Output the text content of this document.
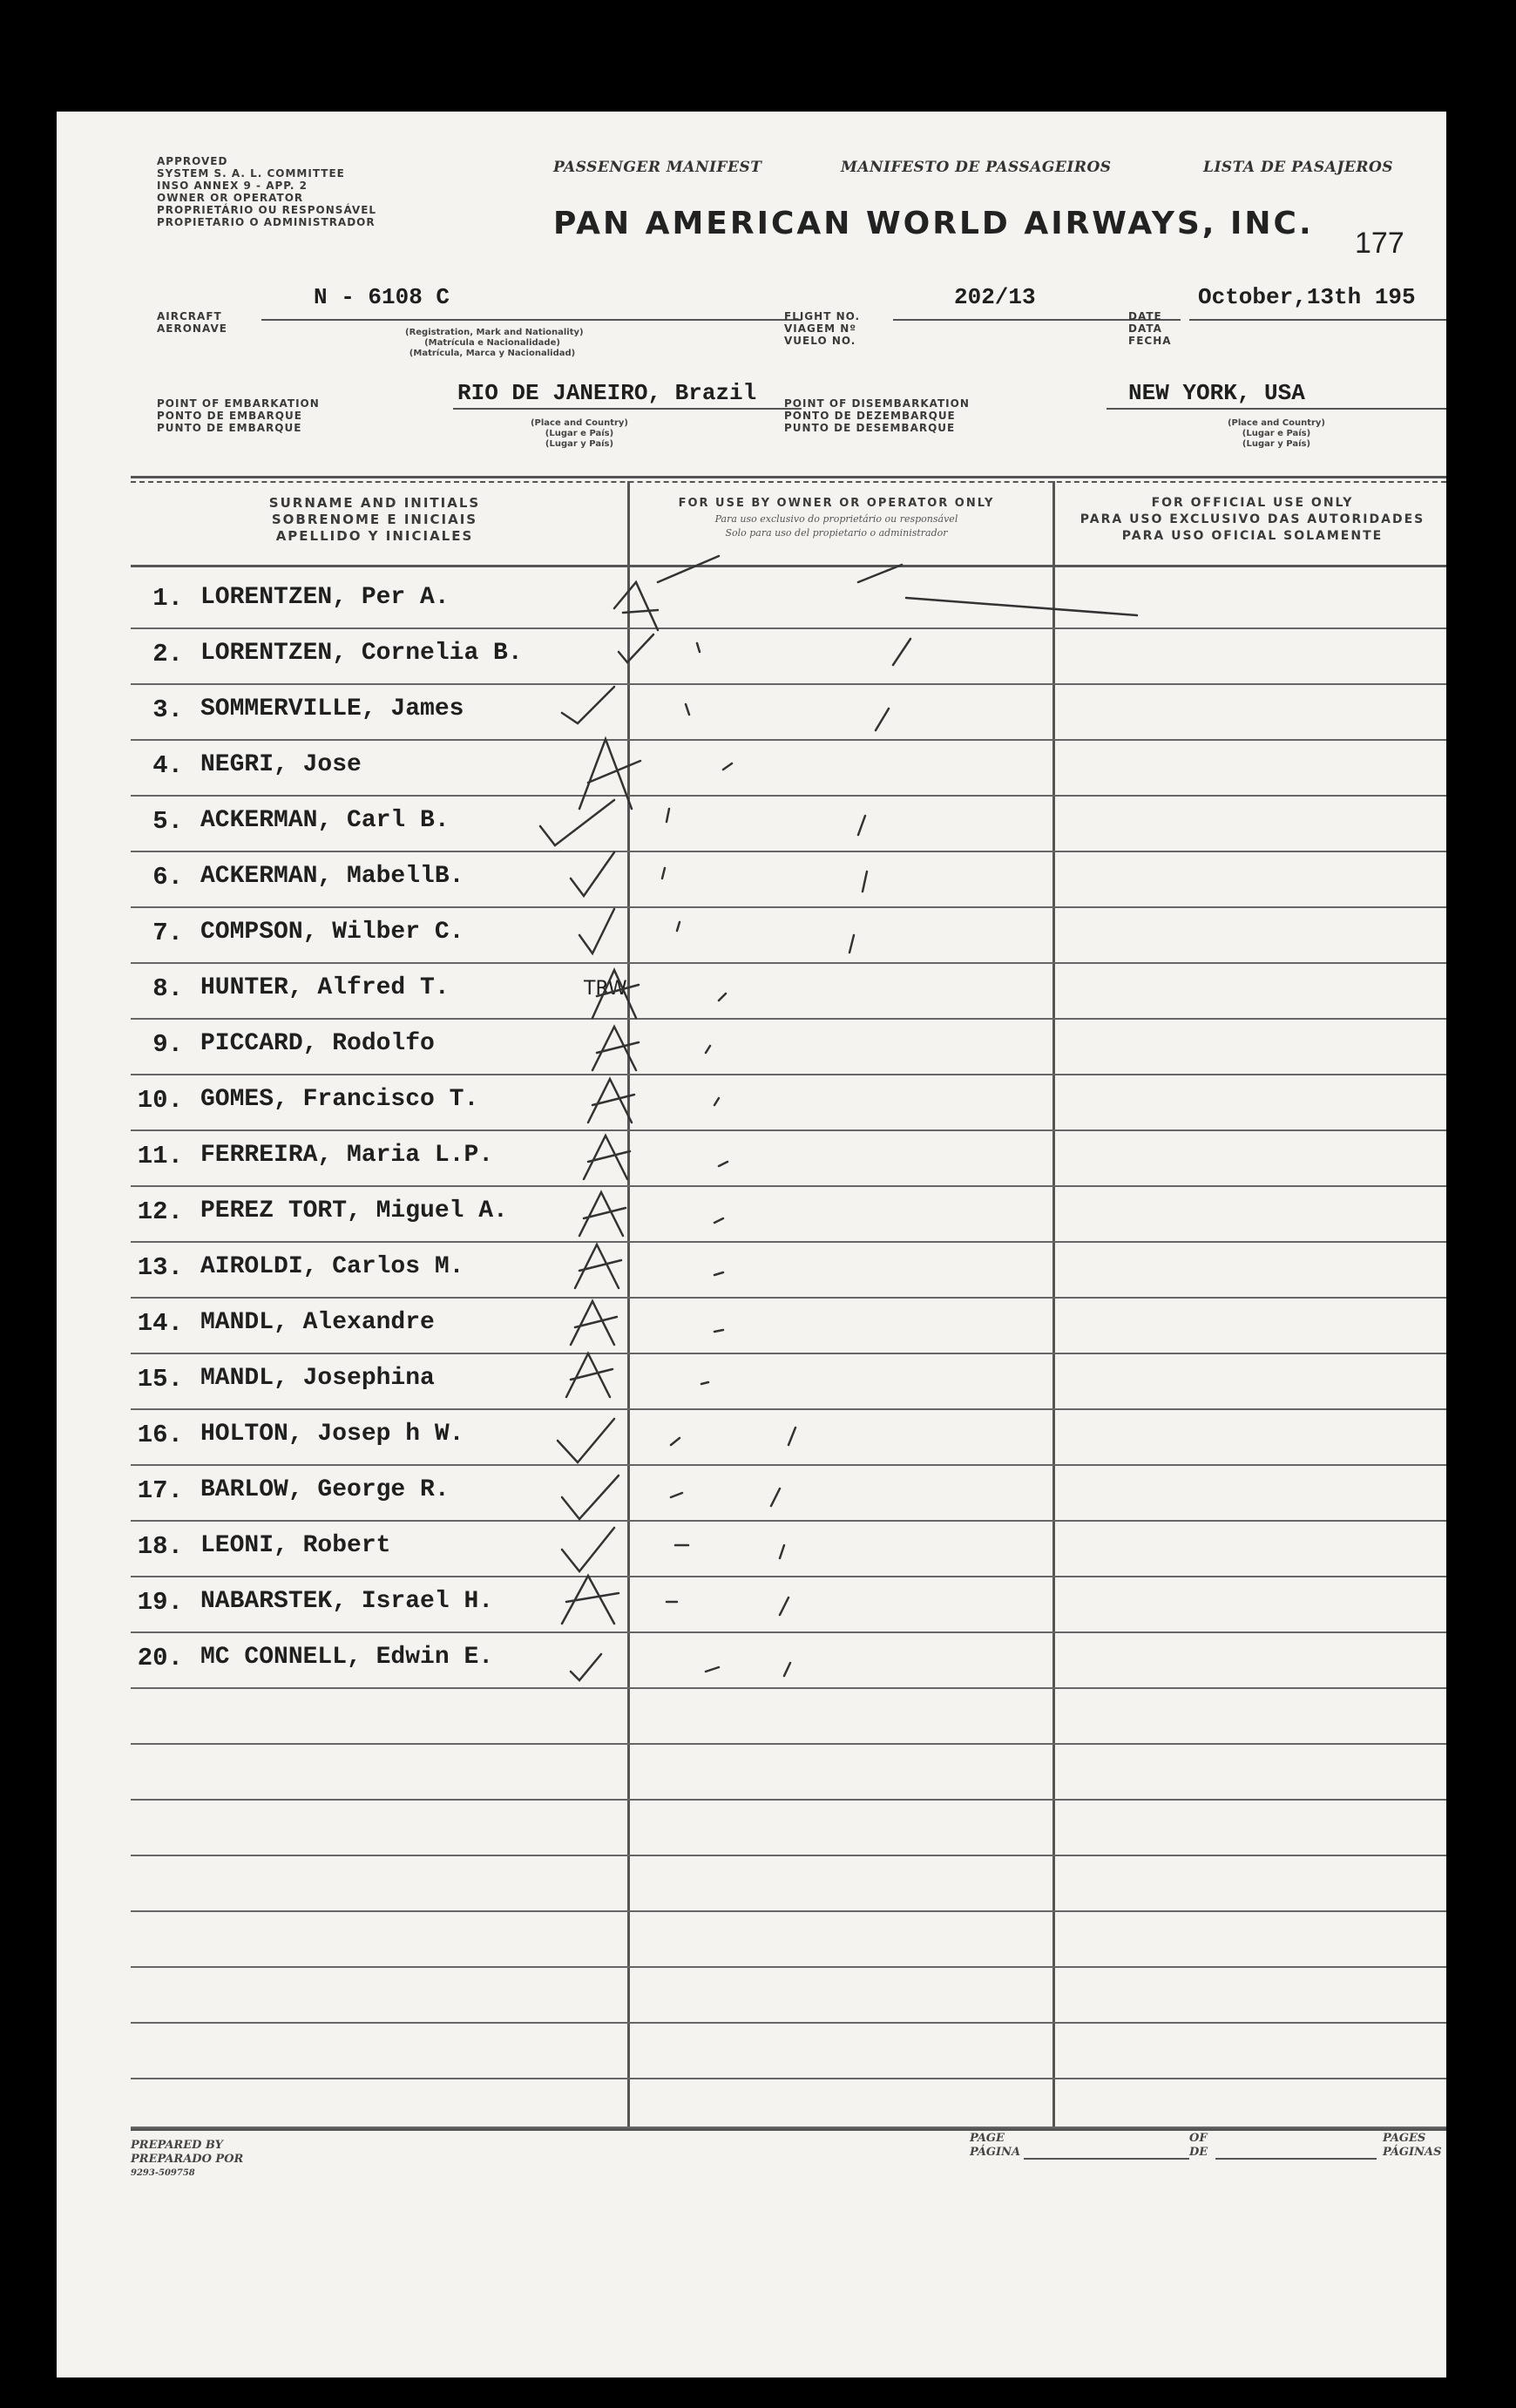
APPROVED
SYSTEM S. A. L. COMMITTEE
INSO ANNEX 9 - APP. 2
OWNER OR OPERATOR
PROPRIETÁRIO OU RESPONSÁVEL
PROPIETARIO O ADMINISTRADOR
PASSENGER MANIFEST	MANIFESTO DE PASSAGEIROS	LISTA DE PASAJEROS
PAN AMERICAN WORLD AIRWAYS, INC.
177
AIRCRAFT
AERONAVE
N - 6108 C
(Registration, Mark and Nationality)
(Matrícula e Nacionalidade)
(Matrícula, Marca y Nacionalidad)
FLIGHT NO.
VIAGEM Nº
VUELO NO.
202/13
DATE
DATA
FECHA
October,13th 195
POINT OF EMBARKATION
PONTO DE EMBARQUE
PUNTO DE EMBARQUE
RIO DE JANEIRO, Brazil
(Place and Country)
(Lugar e País)
(Lugar y País)
POINT OF DISEMBARKATION
PONTO DE DEZEMBARQUE
PUNTO DE DESEMBARQUE
NEW YORK, USA
(Place and Country)
(Lugar e País)
(Lugar y País)
SURNAME AND INITIALS
SOBRENOME E INICIAIS
APELLIDO Y INICIALES
FOR USE BY OWNER OR OPERATOR ONLY
Para uso exclusivo do proprietário ou responsável
Solo para uso del propietario o administrador
FOR OFFICIAL USE ONLY
PARA USO EXCLUSIVO DAS AUTORIDADES
PARA USO OFICIAL SOLAMENTE
1. LORENTZEN, Per A.
2. LORENTZEN, Cornelia B.
3. SOMMERVILLE, James
4. NEGRI, Jose
5. ACKERMAN, Carl B.
6. ACKERMAN, MabellB.
7. COMPSON, Wilber C.
8. HUNTER, Alfred T.	TRW
9. PICCARD, Rodolfo
10. GOMES, Francisco T.
11. FERREIRA, Maria L.P.
12. PEREZ TORT, Miguel A.
13. AIROLDI, Carlos M.
14. MANDL, Alexandre
15. MANDL, Josephina
16. HOLTON, Josep h W.
17. BARLOW, George R.
18. LEONI, Robert
19. NABARSTEK, Israel H.
20. MC CONNELL, Edwin E.
PREPARED BY
PREPARADO POR
9293-509758
PAGE
PÁGINA
OF
DE
PAGES
PÁGINAS
